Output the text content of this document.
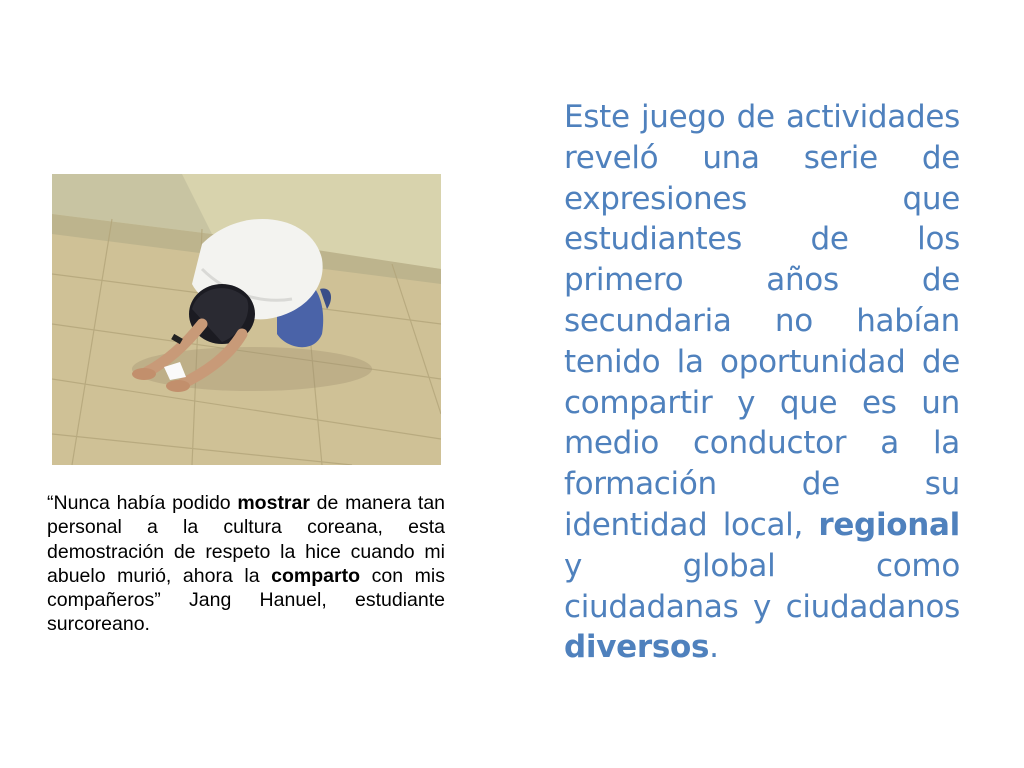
“Nunca había podido mostrar de manera tan personal a la cultura coreana, esta demostración de respeto la hice cuando mi abuelo murió, ahora la comparto con mis compañeros” Jang Hanuel, estudiante surcoreano.

Este juego de actividades reveló una serie de expresiones que estudiantes de los primero años de secundaria no habían tenido la oportunidad de compartir y que es un medio conductor a la formación de su identidad local, regional y global como ciudadanas y ciudadanos diversos.
